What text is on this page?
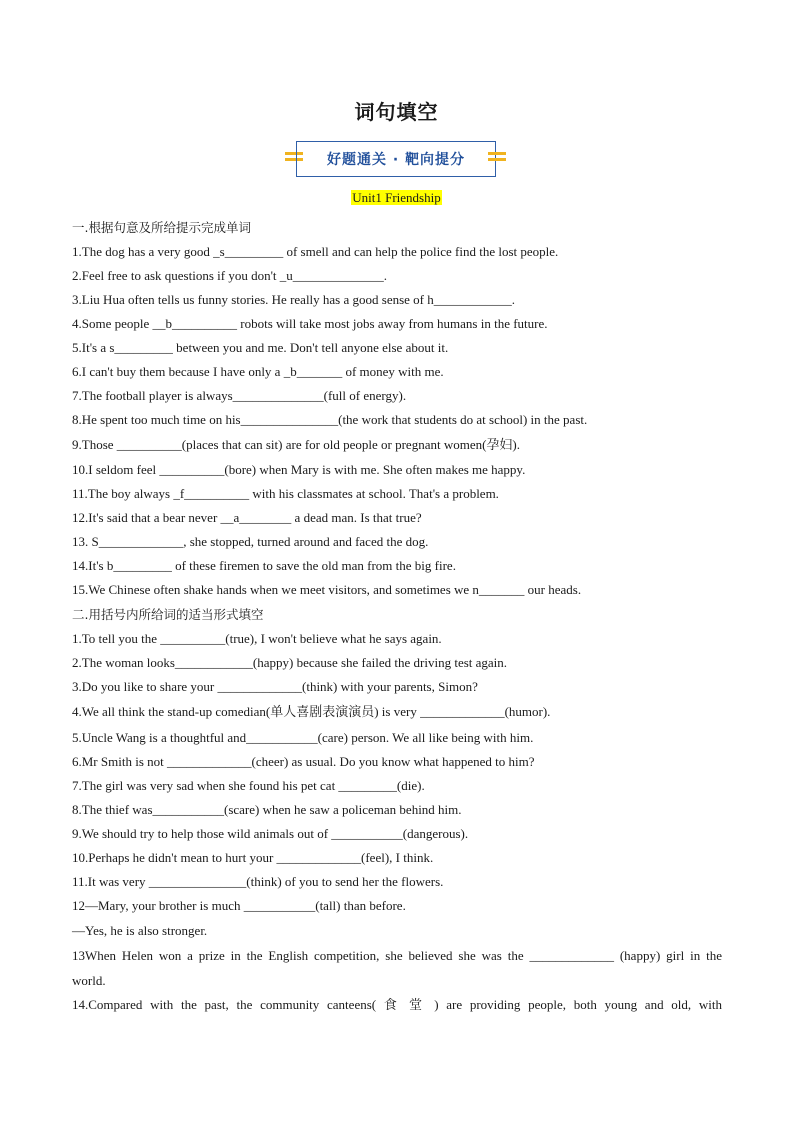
词句填空
好题通关 · 靶向提分
Unit1 Friendship
一.根据句意及所给提示完成单词
1.The dog has a very good _s_________ of smell and can help the police find the lost people.
2.Feel free to ask questions if you don't _u______________.
3.Liu Hua often tells us funny stories. He really has a good sense of h____________.
4.Some people __b__________ robots will take most jobs away from humans in the future.
5.It's a s_________ between you and me. Don't tell anyone else about it.
6.I can't buy them because I have only a _b_______ of money with me.
7.The football player is always______________(full of energy).
8.He spent too much time on his_______________(the work that students do at school) in the past.
9.Those __________(places that can sit) are for old people or pregnant women(孕妇).
10.I seldom feel __________(bore) when Mary is with me. She often makes me happy.
11.The boy always _f__________ with his classmates at school. That's a problem.
12.It's said that a bear never __a________ a dead man. Is that true?
13. S_____________, she stopped, turned around and faced the dog.
14.It's b_________ of these firemen to save the old man from the big fire.
15.We Chinese often shake hands when we meet visitors, and sometimes we n_______ our heads.
二.用括号内所给词的适当形式填空
1.To tell you the __________(true), I won't believe what he says again.
2.The woman looks____________(happy) because she failed the driving test again.
3.Do you like to share your _____________(think) with your parents, Simon?
4.We all think the stand-up comedian(单人喜剧表演演员) is very _____________(humor).
5.Uncle Wang is a thoughtful and___________(care) person. We all like being with him.
6.Mr Smith is not _____________(cheer) as usual. Do you know what happened to him?
7.The girl was very sad when she found his pet cat _________(die).
8.The thief was___________(scare) when he saw a policeman behind him.
9.We should try to help those wild animals out of ___________(dangerous).
10.Perhaps he didn't mean to hurt your _____________(feel), I think.
11.It was very _______________(think) of you to send her the flowers.
12—Mary, your brother is much ___________(tall) than before.
—Yes, he is also stronger.
13When Helen won a prize in the English competition, she believed she was the _____________ (happy) girl in the
world.
14.Compared with the past, the community canteens( 食 堂 ) are providing people, both young and old, with
